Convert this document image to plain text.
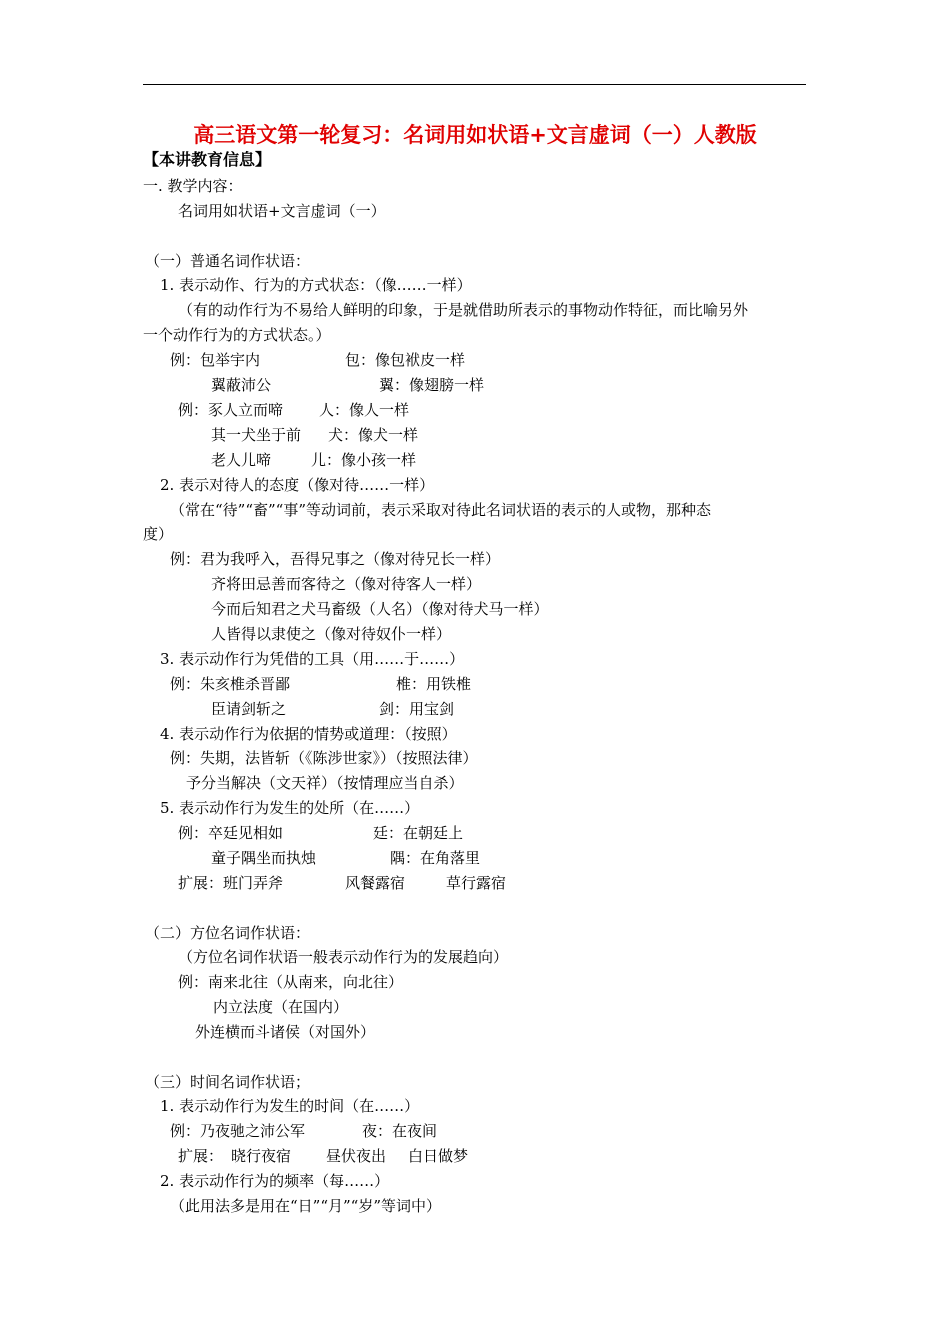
高三语文第一轮复习：名词用如状语+文言虚词（一）人教版
【本讲教育信息】
一. 教学内容：
名词用如状语+文言虚词（一）
（一）普通名词作状语：
1. 表示动作、行为的方式状态：（像……一样）
（有的动作行为不易给人鲜明的印象，于是就借助所表示的事物动作特征，而比喻另外
一个动作行为的方式状态。）
例：包举宇内	包：像包袱皮一样
翼蔽沛公	翼：像翅膀一样
例：豕人立而啼 人：像人一样
其一犬坐于前 犬：像犬一样
老人儿啼	儿：像小孩一样
2. 表示对待人的态度（像对待……一样）
（常在“待”“畜”“事”等动词前，表示采取对待此名词状语的表示的人或物，那种态
度）
例：君为我呼入，吾得兄事之（像对待兄长一样）
齐将田忌善而客待之（像对待客人一样）
今而后知君之犬马畜级（人名）（像对待犬马一样）
人皆得以隶使之（像对待奴仆一样）
3. 表示动作行为凭借的工具（用……于……）
例：朱亥椎杀晋鄙	椎：用铁椎
臣请剑斩之	剑：用宝剑
4. 表示动作行为依据的情势或道理：（按照）
例：失期，法皆斩（《陈涉世家》）（按照法律）
予分当解决（文天祥）（按情理应当自杀）
5. 表示动作行为发生的处所（在……）
例：卒廷见相如	廷：在朝廷上
童子隅坐而执烛	隅：在角落里
扩展：班门弄斧	风餐露宿	草行露宿
（二）方位名词作状语：
（方位名词作状语一般表示动作行为的发展趋向）
例：南来北往（从南来，向北往）
内立法度（在国内）
外连横而斗诸侯（对国外）
（三）时间名词作状语；
1. 表示动作行为发生的时间（在……）
例：乃夜驰之沛公军	夜：在夜间
扩展： 晓行夜宿 昼伏夜出 白日做梦
2. 表示动作行为的频率（每……）
（此用法多是用在“日”“月”“岁”等词中）
